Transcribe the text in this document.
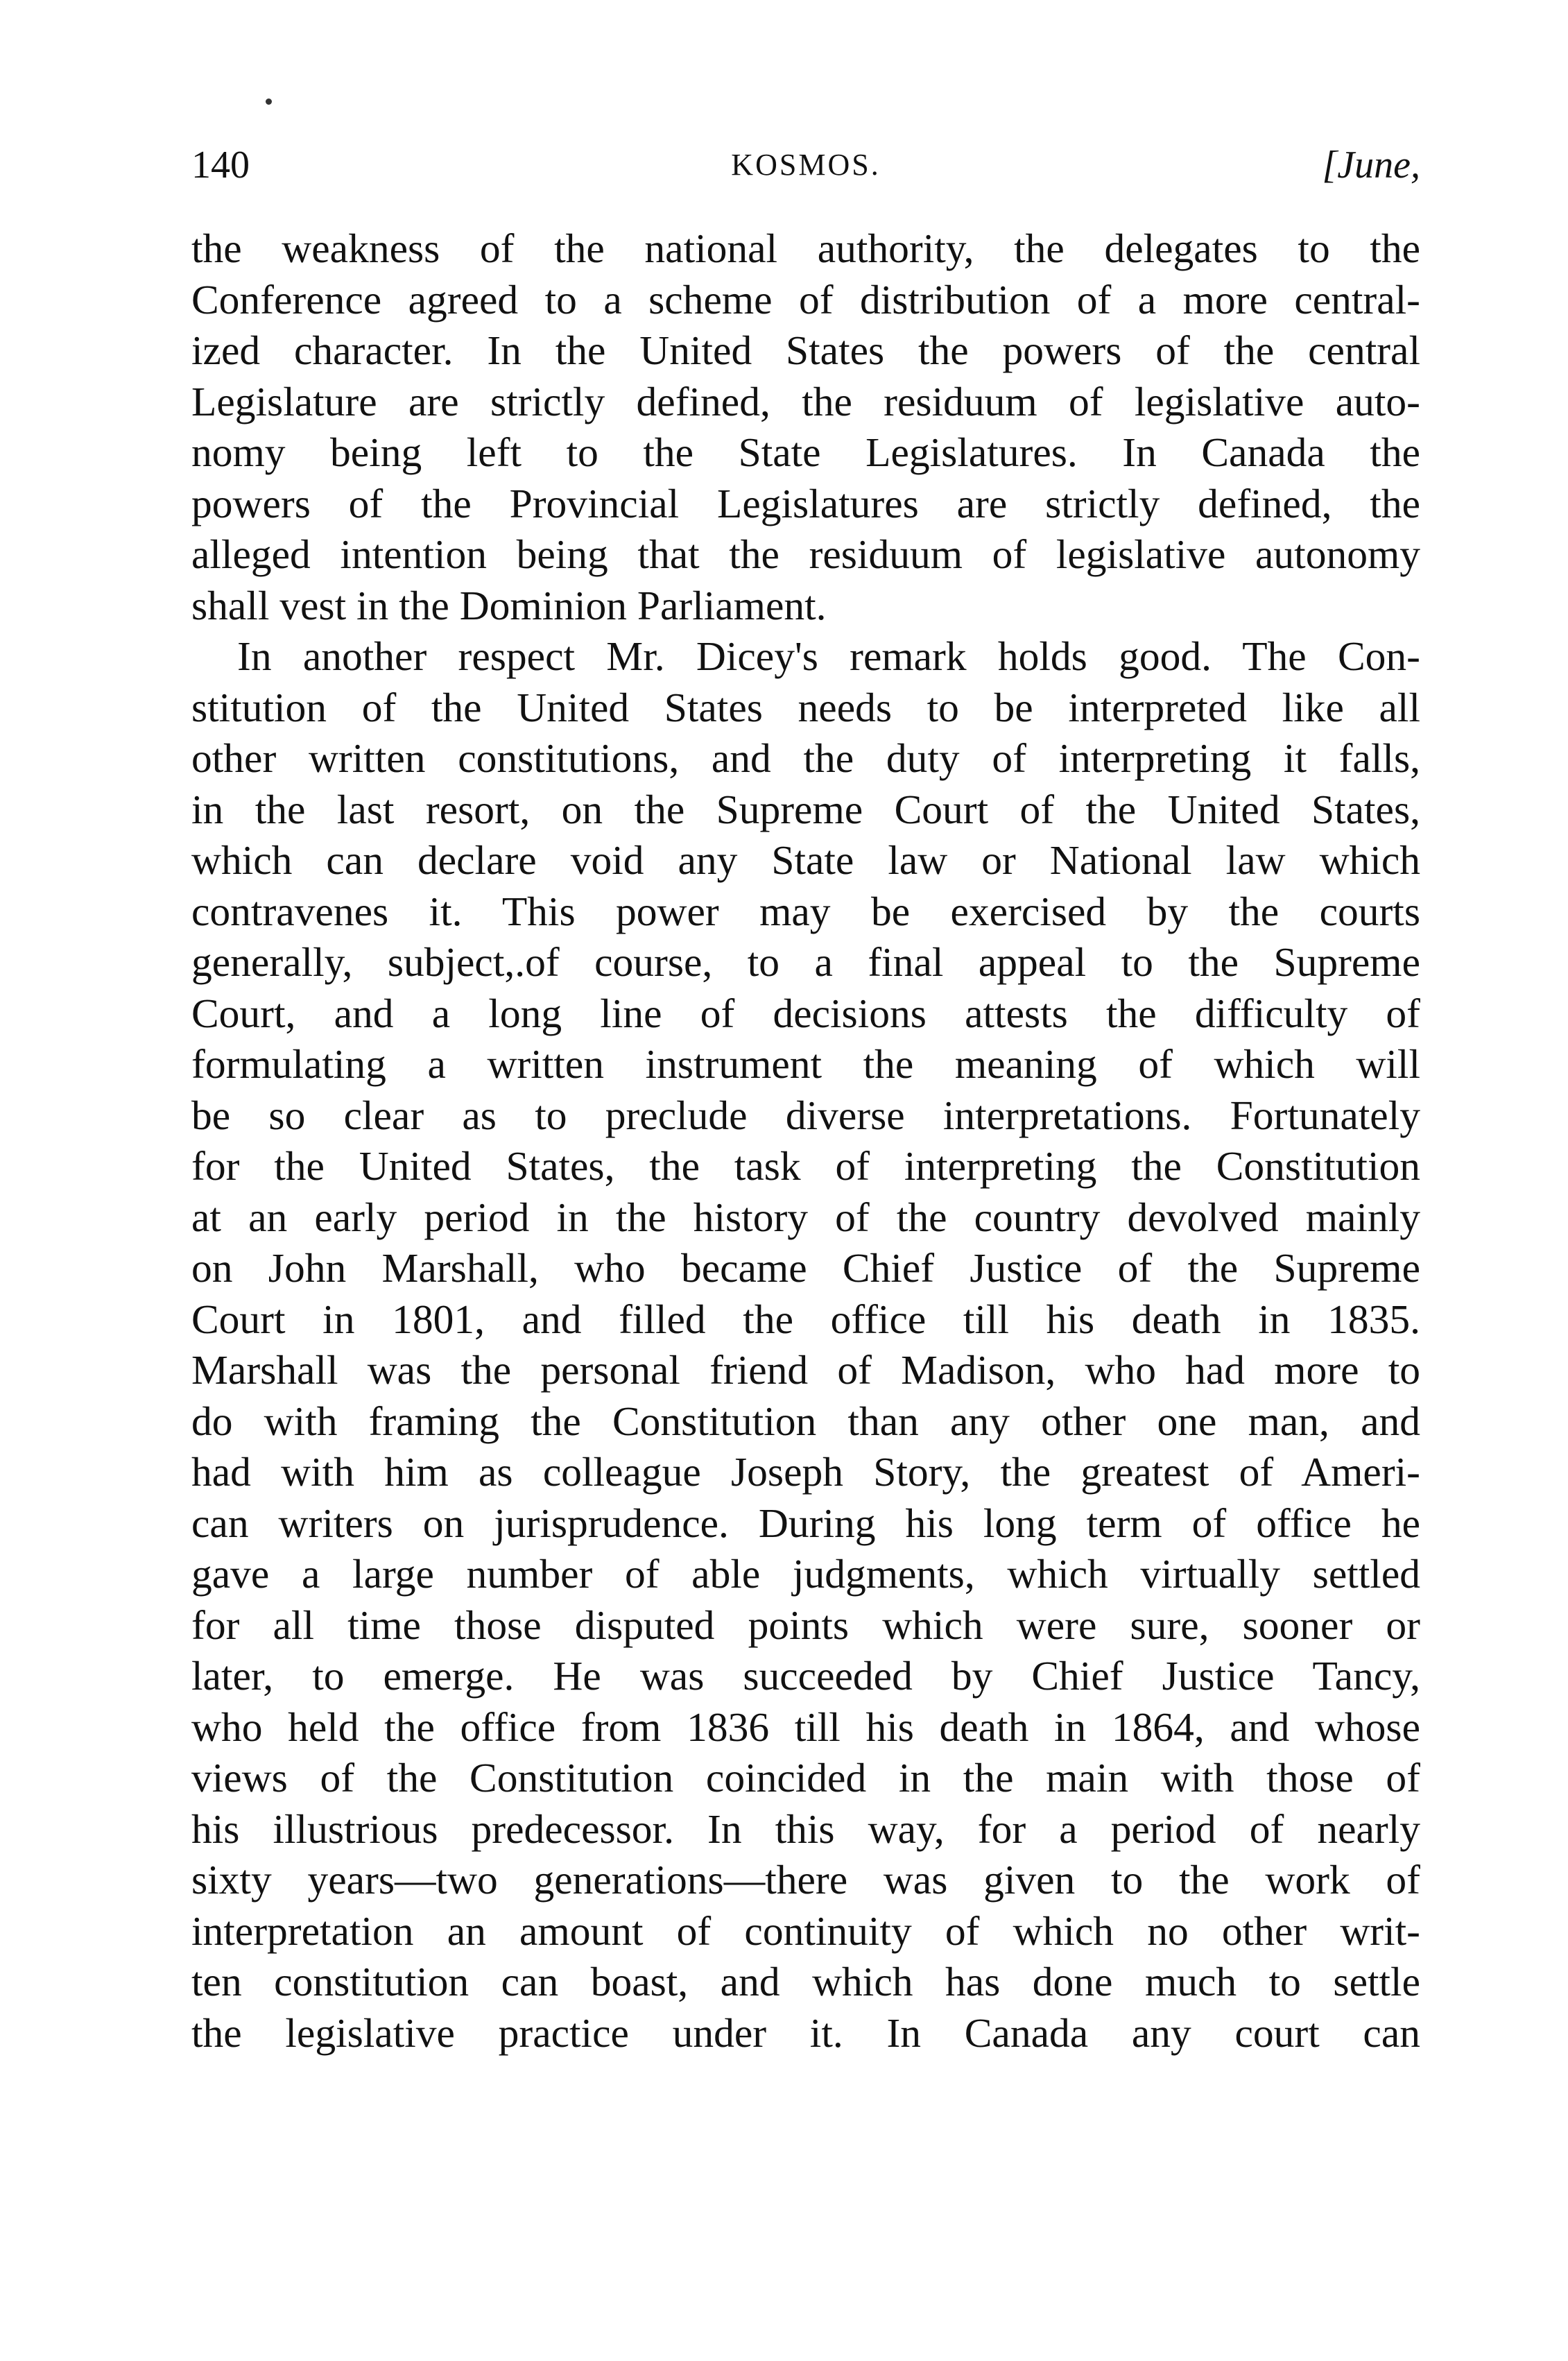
140	KOSMOS.	[June,
the weakness of the national authority, the delegates to the
Conference agreed to a scheme of distribution of a more central-
ized character. In the United States the powers of the central
Legislature are strictly defined, the residuum of legislative auto-
nomy being left to the State Legislatures. In Canada the
powers of the Provincial Legislatures are strictly defined, the
alleged intention being that the residuum of legislative autonomy
shall vest in the Dominion Parliament.
In another respect Mr. Dicey's remark holds good. The Con-
stitution of the United States needs to be interpreted like all
other written constitutions, and the duty of interpreting it falls,
in the last resort, on the Supreme Court of the United States,
which can declare void any State law or National law which
contravenes it. This power may be exercised by the courts
generally, subject,.of course, to a final appeal to the Supreme
Court, and a long line of decisions attests the difficulty of
formulating a written instrument the meaning of which will
be so clear as to preclude diverse interpretations. Fortunately
for the United States, the task of interpreting the Constitution
at an early period in the history of the country devolved mainly
on John Marshall, who became Chief Justice of the Supreme
Court in 1801, and filled the office till his death in 1835.
Marshall was the personal friend of Madison, who had more to
do with framing the Constitution than any other one man, and
had with him as colleague Joseph Story, the greatest of Ameri-
can writers on jurisprudence. During his long term of office he
gave a large number of able judgments, which virtually settled
for all time those disputed points which were sure, sooner or
later, to emerge. He was succeeded by Chief Justice Tancy,
who held the office from 1836 till his death in 1864, and whose
views of the Constitution coincided in the main with those of
his illustrious predecessor. In this way, for a period of nearly
sixty years—two generations—there was given to the work of
interpretation an amount of continuity of which no other writ-
ten constitution can boast, and which has done much to settle
the legislative practice under it. In Canada any court can
